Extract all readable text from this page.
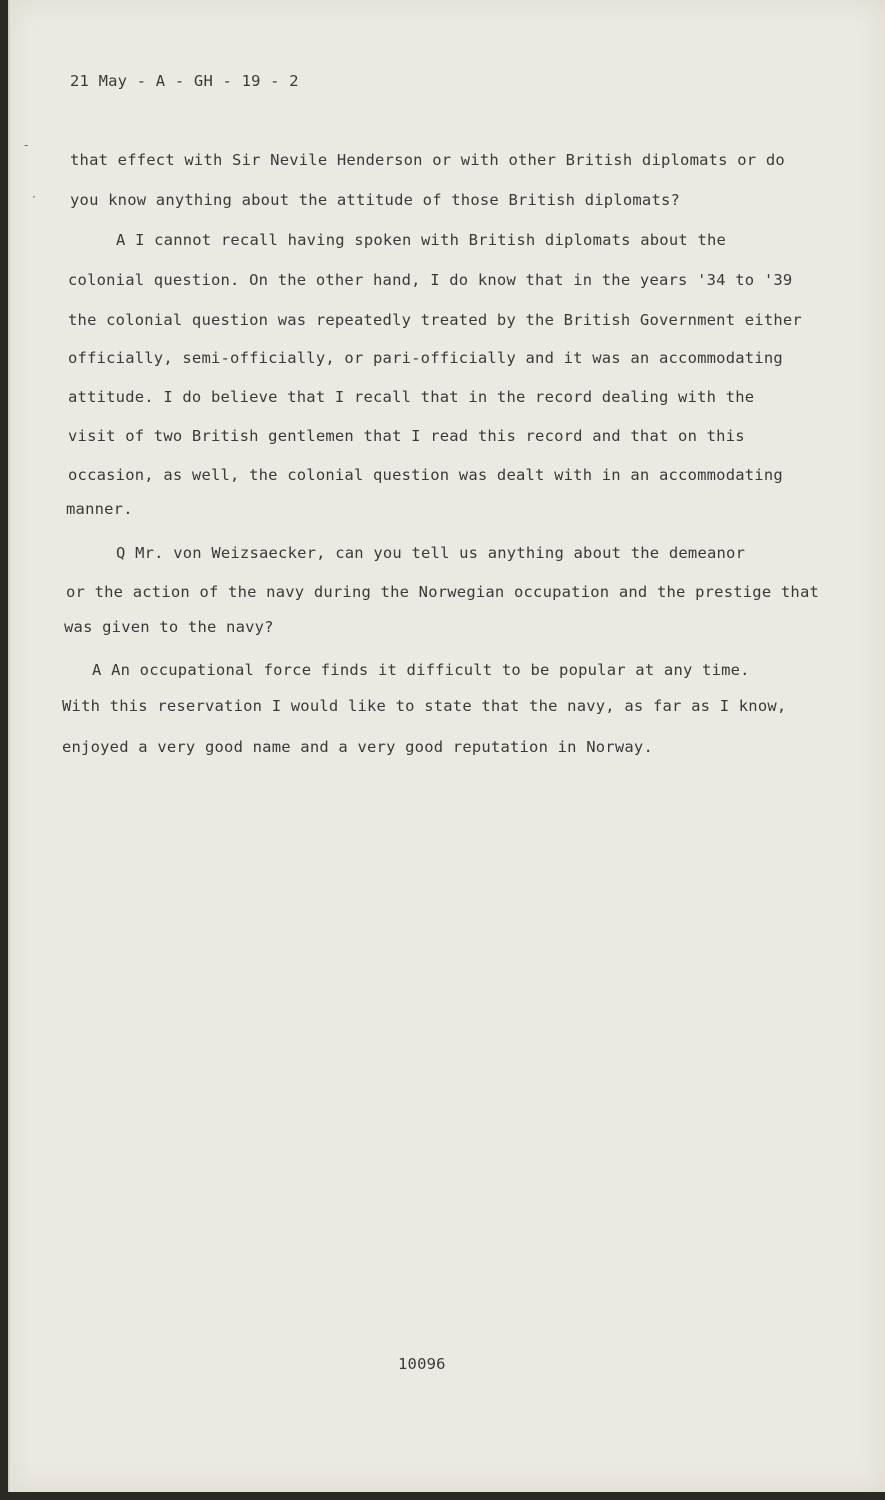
21 May - A - GH - 19 - 2
-
·
that effect with Sir Nevile Henderson or with other British diplomats or do
you know anything about the attitude of those British diplomats?
A I cannot recall having spoken with British diplomats about the
colonial question. On the other hand, I do know that in the years '34 to '39
the colonial question was repeatedly treated by the British Government either
officially, semi-officially, or pari-officially and it was an accommodating
attitude. I do believe that I recall that in the record dealing with the
visit of two British gentlemen that I read this record and that on this
occasion, as well, the colonial question was dealt with in an accommodating
manner.
Q Mr. von Weizsaecker, can you tell us anything about the demeanor
or the action of the navy during the Norwegian occupation and the prestige that
was given to the navy?
A An occupational force finds it difficult to be popular at any time.
With this reservation I would like to state that the navy, as far as I know,
enjoyed a very good name and a very good reputation in Norway.
10096
